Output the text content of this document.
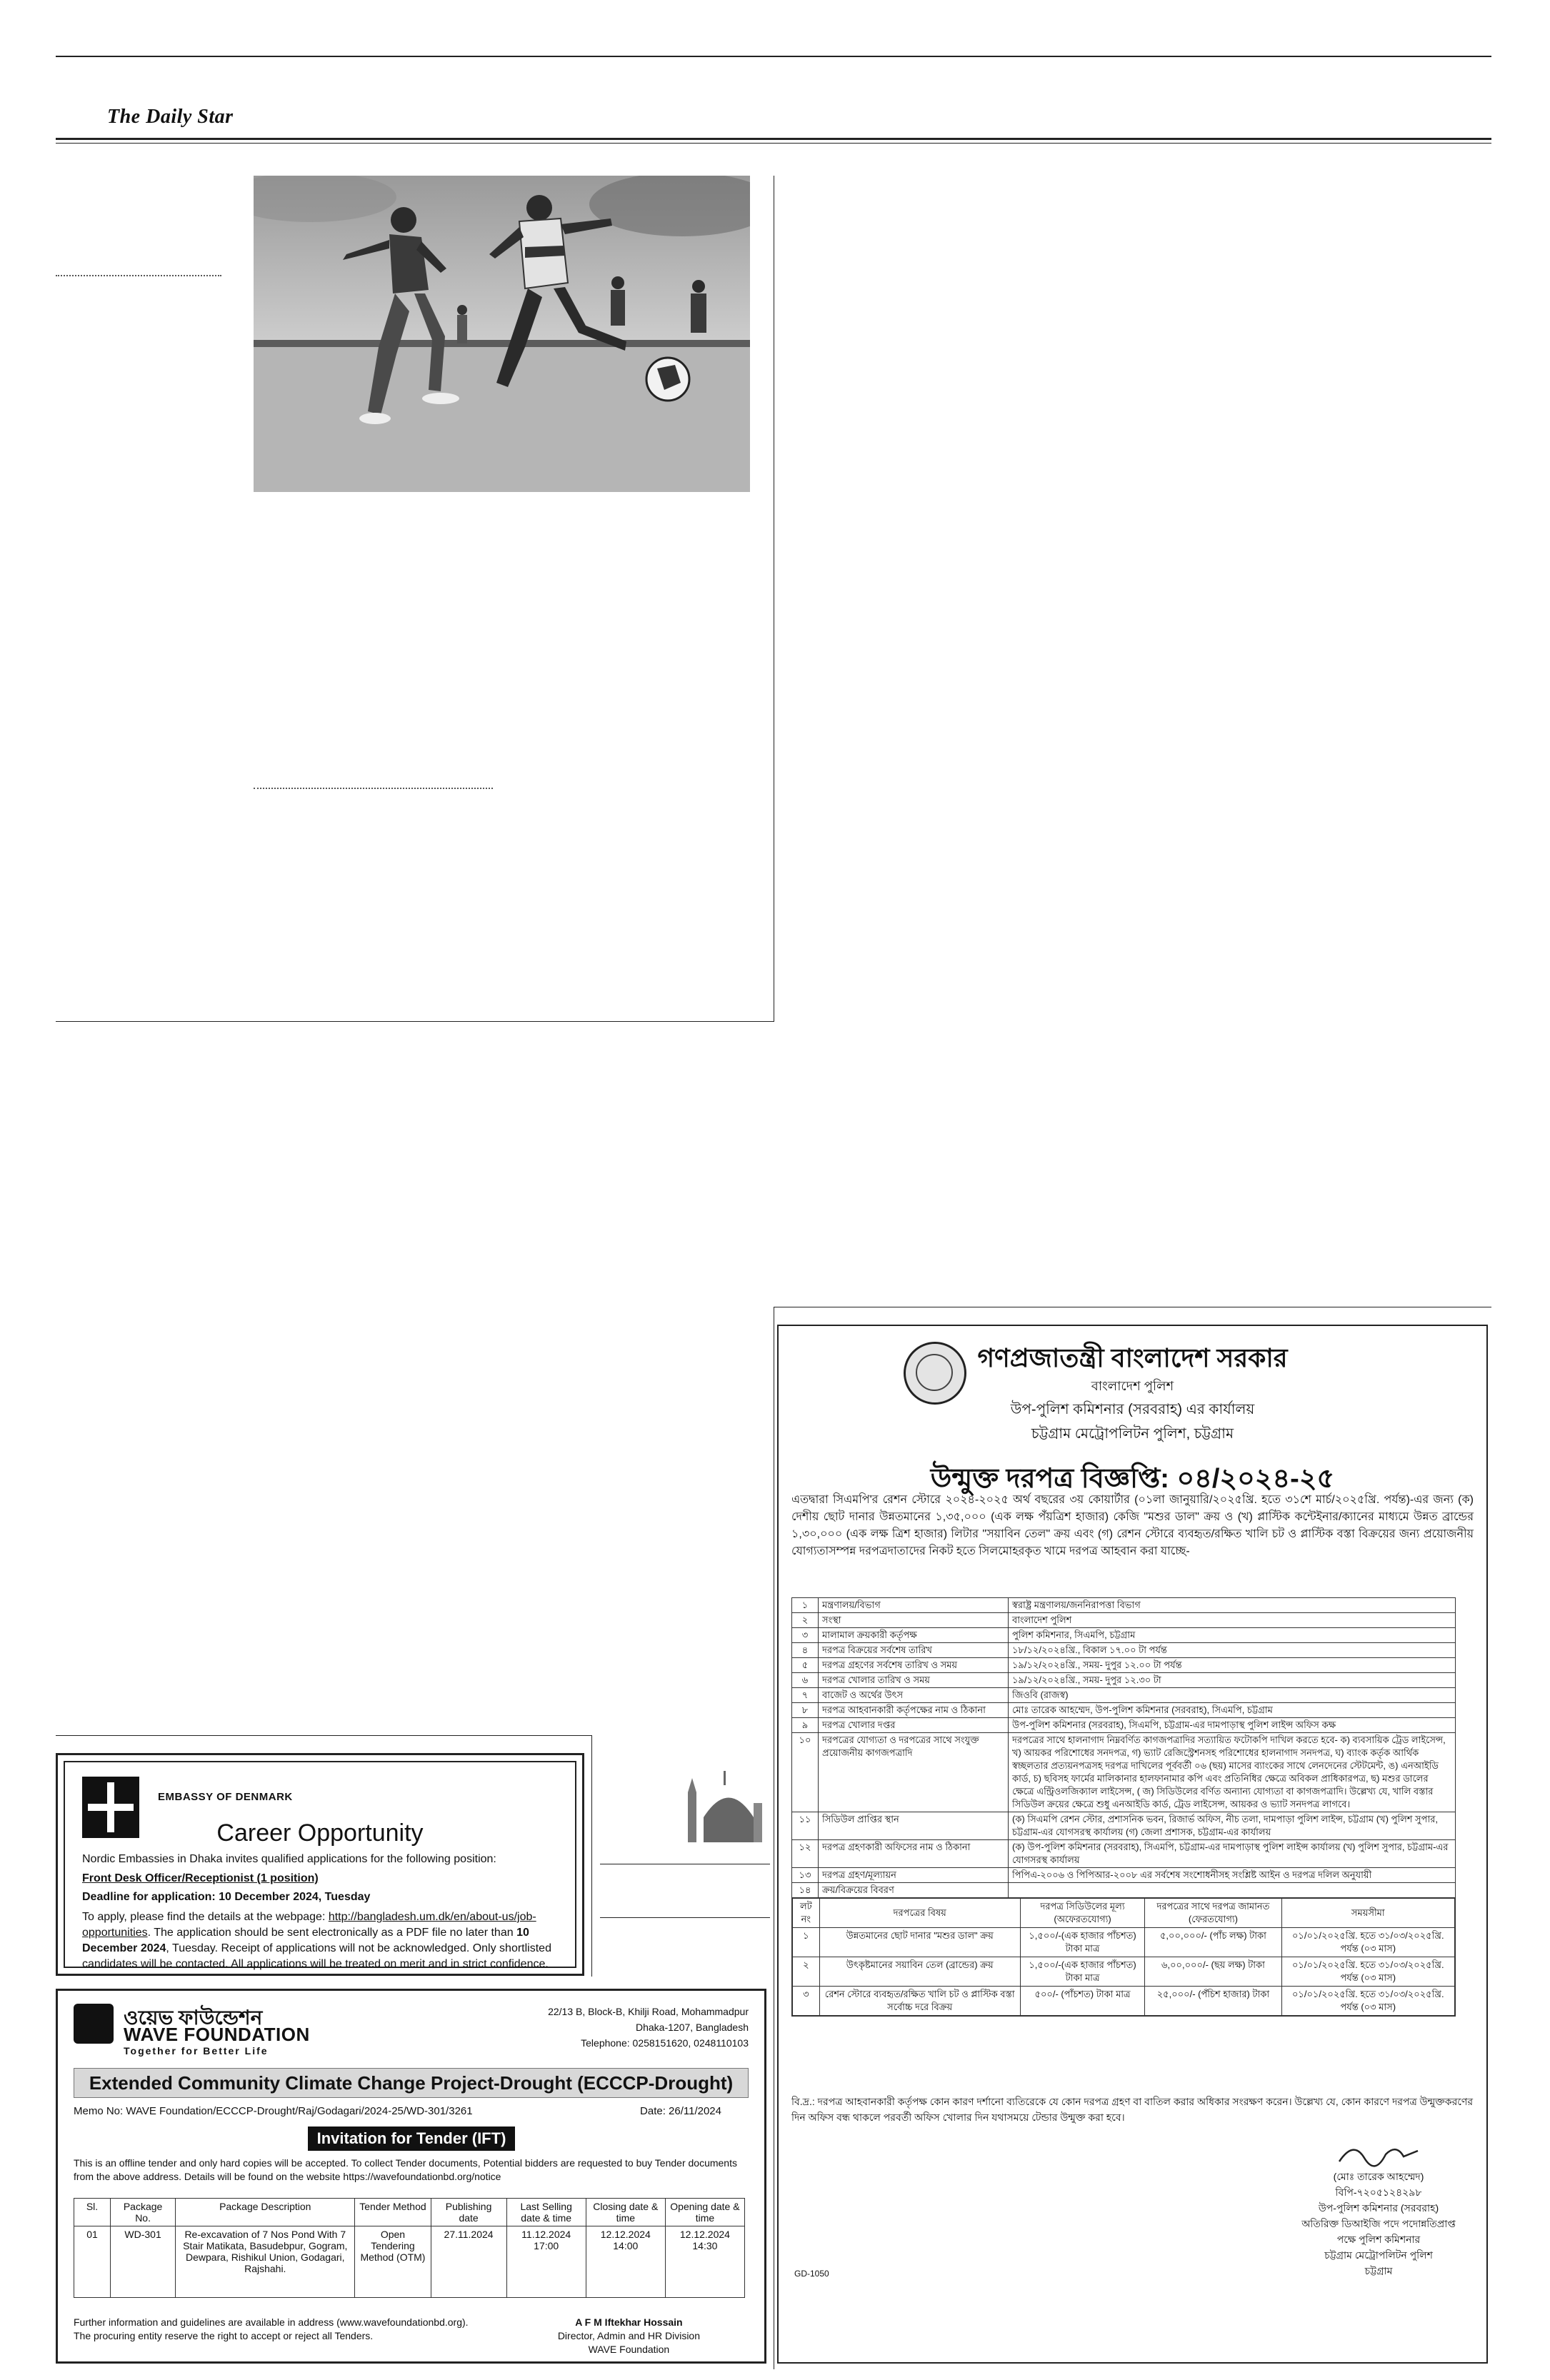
The Daily Star
EMBASSY OF DENMARK
Career Opportunity
Nordic Embassies in Dhaka invites qualified applications for the following position:
Front Desk Officer/Receptionist (1 position)
Deadline for application: 10 December 2024, Tuesday
To apply, please find the details at the webpage: http://bangladesh.um.dk/en/about-us/job-opportunities. The application should be sent electronically as a PDF file no later than 10 December 2024, Tuesday. Receipt of applications will not be acknowledged. Only shortlisted candidates will be contacted. All applications will be treated on merit and in strict confidence.
ওয়েভ ফাউন্ডেশন
WAVE FOUNDATION
Together for Better Life
22/13 B, Block-B, Khilji Road, Mohammadpur
Dhaka-1207, Bangladesh
Telephone: 0258151620, 0248110103
Extended Community Climate Change Project-Drought (ECCCP-Drought)
Memo No: WAVE Foundation/ECCCP-Drought/Raj/Godagari/2024-25/WD-301/3261	Date: 26/11/2024
Invitation for Tender (IFT)
This is an offline tender and only hard copies will be accepted. To collect Tender documents, Potential bidders are requested to buy Tender documents from the above address. Details will be found on the website https://wavefoundationbd.org/notice
Sl.	Package No.	Package Description	Tender Method	Publishing date	Last Selling date & time	Closing date & time	Opening date & time
01	WD-301	Re-excavation of 7 Nos Pond With 7 Stair Matikata, Basudebpur, Gogram, Dewpara, Rishikul Union, Godagari, Rajshahi.	Open Tendering Method (OTM)	27.11.2024	11.12.2024 17:00	12.12.2024 14:00	12.12.2024 14:30
Further information and guidelines are available in address (www.wavefoundationbd.org). The procuring entity reserve the right to accept or reject all Tenders.
A F M Iftekhar Hossain
Director, Admin and HR Division
WAVE Foundation
গণপ্রজাতন্ত্রী বাংলাদেশ সরকার
বাংলাদেশ পুলিশ
উপ-পুলিশ কমিশনার (সরবরাহ) এর কার্যালয়
চট্টগ্রাম মেট্রোপলিটন পুলিশ, চট্টগ্রাম
উন্মুক্ত দরপত্র বিজ্ঞপ্তি: ০৪/২০২৪-২৫
এতদ্বারা সিএমপি'র রেশন স্টোরে ২০২৪-২০২৫ অর্থ বছরের ৩য় কোয়ার্টার (০১লা জানুয়ারি/২০২৫খ্রি. হতে ৩১শে মার্চ/২০২৫খ্রি. পর্যন্ত)-এর জন্য (ক) দেশীয় ছোট দানার উন্নতমানের ১,৩৫,০০০ (এক লক্ষ পঁয়ত্রিশ হাজার) কেজি "মশুর ডাল" ক্রয় ও (খ) প্লাস্টিক কন্টেইনার/ক্যানের মাধ্যমে উন্নত ব্রান্ডের ১,৩০,০০০ (এক লক্ষ ত্রিশ হাজার) লিটার "সয়াবিন তেল" ক্রয় এবং (গ) রেশন স্টোরে ব্যবহৃত/রক্ষিত খালি চট ও প্লাস্টিক বস্তা বিক্রয়ের জন্য প্রয়োজনীয় যোগ্যতাসম্পন্ন দরপত্রদাতাদের নিকট হতে সিলমোহরকৃত খামে দরপত্র আহবান করা যাচ্ছে-
১	মন্ত্রণালয়/বিভাগ	স্বরাষ্ট্র মন্ত্রণালয়/জননিরাপত্তা বিভাগ
২	সংস্থা	বাংলাদেশ পুলিশ
৩	মালামাল ক্রয়কারী কর্তৃপক্ষ	পুলিশ কমিশনার, সিএমপি, চট্টগ্রাম
৪	দরপত্র বিক্রয়ের সর্বশেষ তারিখ	১৮/১২/২০২৪খ্রি., বিকাল ১৭.০০ টা পর্যন্ত
৫	দরপত্র গ্রহণের সর্বশেষ তারিখ ও সময়	১৯/১২/২০২৪খ্রি., সময়- দুপুর ১২.০০ টা পর্যন্ত
৬	দরপত্র খোলার তারিখ ও সময়	১৯/১২/২০২৪খ্রি., সময়- দুপুর ১২.৩০ টা
৭	বাজেট ও অর্থের উৎস	জিওবি (রাজস্ব)
৮	দরপত্র আহবানকারী কর্তৃপক্ষের নাম ও ঠিকানা	মোঃ তারেক আহম্মেদ, উপ-পুলিশ কমিশনার (সরবরাহ), সিএমপি, চট্টগ্রাম
৯	দরপত্র খোলার দপ্তর	উপ-পুলিশ কমিশনার (সরবরাহ), সিএমপি, চট্টগ্রাম-এর দামপাড়াস্থ পুলিশ লাইন্স অফিস কক্ষ
১০	দরপত্রের যোগ্যতা ও দরপত্রের সাথে সংযুক্ত প্রয়োজনীয় কাগজপত্রাদি	দরপত্রের সাথে হালনাগাদ নিম্নবর্ণিত কাগজপত্রাদির সত্যায়িত ফটোকপি দাখিল করতে হবে- ক) ব্যবসায়িক ট্রেড লাইসেন্স, খ) আয়কর পরিশোধের সনদপত্র, গ) ভ্যাট রেজিস্ট্রেশনসহ পরিশোধের হালনাগাদ সনদপত্র, ঘ) ব্যাংক কর্তৃক আর্থিক স্বচ্ছলতার প্রত্যয়নপত্রসহ দরপত্র দাখিলের পূর্ববর্তী ০৬ (ছয়) মাসের ব্যাংকের সাথে লেনদেনের স্টেটমেন্ট, ঙ) এনআইডি কার্ড, চ) ছবিসহ ফার্মের মালিকানার হালফানামার কপি এবং প্রতিনিধির ক্ষেত্রে অবিকল প্রাধিকারপত্র, ছ) মশুর ডালের ক্ষেত্রে এন্ট্রিওলজিক্যাল লাইসেন্স, ( জ) সিডিউলের বর্ণিত অন্যান্য যোগ্যতা বা কাগজপত্রাদি। উল্লেখ্য যে, খালি বস্তার সিডিউল ক্রয়ের ক্ষেত্রে শুধু এনআইডি কার্ড, ট্রেড লাইসেন্স, আয়কর ও ভ্যাট সনদপত্র লাগবে।
১১	সিডিউল প্রাপ্তির স্থান	(ক) সিএমপি রেশন স্টোর, প্রশাসনিক ভবন, রিজার্ভ অফিস, নীচ তলা, দামপাড়া পুলিশ লাইন্স, চট্টগ্রাম (খ) পুলিশ সুপার, চট্টগ্রাম-এর যোগসরস্থ কার্যালয় (গ) জেলা প্রশাসক, চট্টগ্রাম-এর কার্যালয়
১২	দরপত্র গ্রহণকারী অফিসের নাম ও ঠিকানা	(ক) উপ-পুলিশ কমিশনার (সরবরাহ), সিএমপি, চট্টগ্রাম-এর দামপাড়াস্থ পুলিশ লাইন্স কার্যালয় (খ) পুলিশ সুপার, চট্টগ্রাম-এর যোগসরস্থ কার্যালয়
১৩	দরপত্র গ্রহণ/মূল্যায়ন	পিপিএ-২০০৬ ও পিপিআর-২০০৮ এর সর্বশেষ সংশোধনীসহ সংশ্লিষ্ট আইন ও দরপত্র দলিল অনুযায়ী
১৪	ক্রয়/বিক্রয়ের বিবরণ	

লট নং	দরপত্রের বিষয়	দরপত্র সিডিউলের মূল্য (অফেরতযোগ্য)	দরপত্রের সাথে দরপত্র জামানত (ফেরতযোগ্য)	সময়সীমা
১	উন্নতমানের ছোট দানার "মশুর ডাল" ক্রয়	১,৫০০/-(এক হাজার পাঁচশত) টাকা মাত্র	৫,০০,০০০/- (পাঁচ লক্ষ) টাকা	০১/০১/২০২৫খ্রি. হতে ৩১/০৩/২০২৫খ্রি. পর্যন্ত (০৩ মাস)
২	উৎকৃষ্টমানের সয়াবিন তেল (ব্রান্ডের) ক্রয়	১,৫০০/-(এক হাজার পাঁচশত) টাকা মাত্র	৬,০০,০০০/- (ছয় লক্ষ) টাকা	০১/০১/২০২৫খ্রি. হতে ৩১/০৩/২০২৫খ্রি. পর্যন্ত (০৩ মাস)
৩	রেশন স্টোরে ব্যবহৃত/রক্ষিত খালি চট ও প্লাস্টিক বস্তা সর্বোচ্চ দরে বিক্রয়	৫০০/- (পাঁচশত) টাকা মাত্র	২৫,০০০/- (পঁচিশ হাজার) টাকা	০১/০১/২০২৫খ্রি. হতে ৩১/০৩/২০২৫খ্রি. পর্যন্ত (০৩ মাস)
বি.দ্র.: দরপত্র আহবানকারী কর্তৃপক্ষ কোন কারণ দর্শানো ব্যতিরেকে যে কোন দরপত্র গ্রহণ বা বাতিল করার অধিকার সংরক্ষণ করেন। উল্লেখ্য যে, কোন কারণে দরপত্র উন্মুক্তকরণের দিন অফিস বন্ধ থাকলে পরবর্তী অফিস খোলার দিন যথাসময়ে টেন্ডার উন্মুক্ত করা হবে।
(মোঃ তারেক আহম্মেদ)
বিপি-৭২০৫১২৪২৯৮
উপ-পুলিশ কমিশনার (সরবরাহ)
অতিরিক্ত ডিআইজি পদে পদোন্নতিপ্রাপ্ত
পক্ষে পুলিশ কমিশনার
চট্টগ্রাম মেট্রোপলিটন পুলিশ
চট্টগ্রাম
GD-1050
